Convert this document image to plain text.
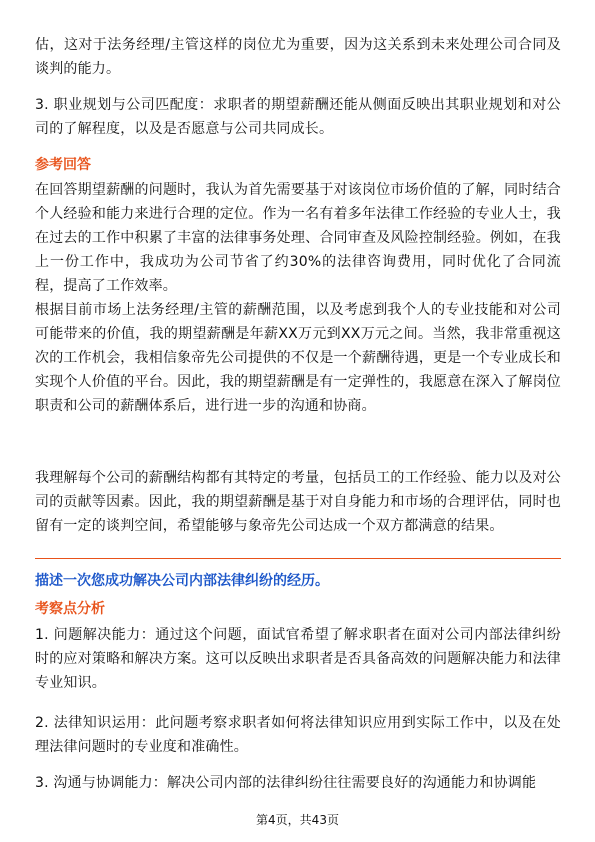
估，这对于法务经理/主管这样的岗位尤为重要，因为这关系到未来处理公司合同及谈判的能力。

3. 职业规划与公司匹配度：求职者的期望薪酬还能从侧面反映出其职业规划和对公司的了解程度，以及是否愿意与公司共同成长。

参考回答

在回答期望薪酬的问题时，我认为首先需要基于对该岗位市场价值的了解，同时结合个人经验和能力来进行合理的定位。作为一名有着多年法律工作经验的专业人士，我在过去的工作中积累了丰富的法律事务处理、合同审查及风险控制经验。例如，在我上一份工作中，我成功为公司节省了约30%的法律咨询费用，同时优化了合同流程，提高了工作效率。

根据目前市场上法务经理/主管的薪酬范围，以及考虑到我个人的专业技能和对公司可能带来的价值，我的期望薪酬是年薪XX万元到XX万元之间。当然，我非常重视这次的工作机会，我相信象帝先公司提供的不仅是一个薪酬待遇，更是一个专业成长和实现个人价值的平台。因此，我的期望薪酬是有一定弹性的，我愿意在深入了解岗位职责和公司的薪酬体系后，进行进一步的沟通和协商。

我理解每个公司的薪酬结构都有其特定的考量，包括员工的工作经验、能力以及对公司的贡献等因素。因此，我的期望薪酬是基于对自身能力和市场的合理评估，同时也留有一定的谈判空间，希望能够与象帝先公司达成一个双方都满意的结果。

描述一次您成功解决公司内部法律纠纷的经历。
考察点分析

1. 问题解决能力：通过这个问题，面试官希望了解求职者在面对公司内部法律纠纷时的应对策略和解决方案。这可以反映出求职者是否具备高效的问题解决能力和法律专业知识。

2. 法律知识运用：此问题考察求职者如何将法律知识应用到实际工作中，以及在处理法律问题时的专业度和准确性。

3. 沟通与协调能力：解决公司内部的法律纠纷往往需要良好的沟通能力和协调能

第4页，共43页
